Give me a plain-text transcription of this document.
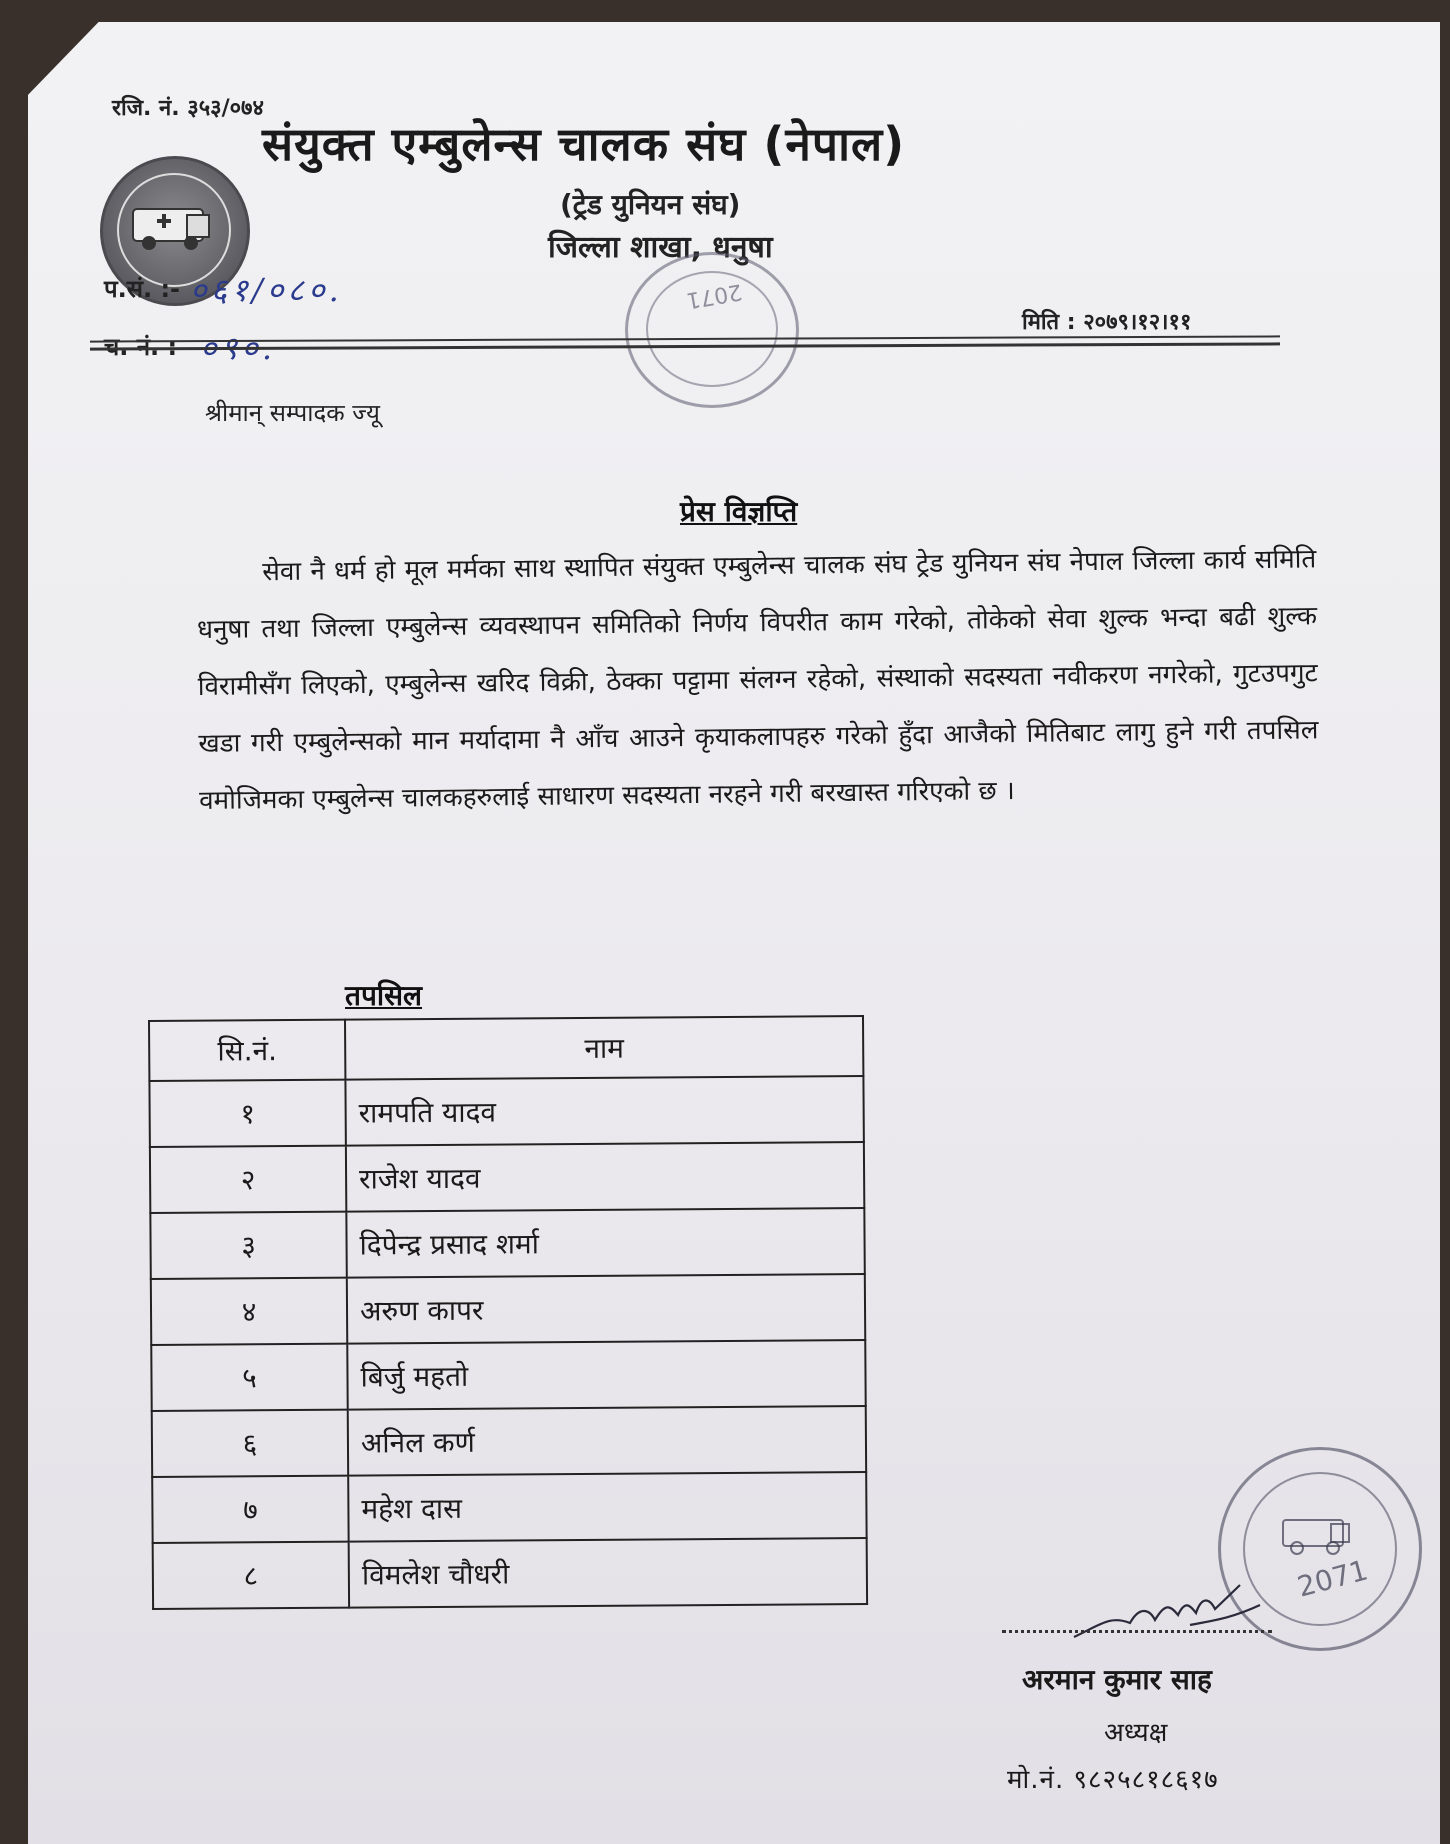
रजि. नं. ३५३/०७४
संयुक्त एम्बुलेन्स चालक संघ (नेपाल)
(ट्रेड युनियन संघ)
जिल्ला शाखा, धनुषा
प.सं. :- ०६१/०८०.
च. नं. : ०९०.
2071
मिति : २०७९।१२।११
श्रीमान् सम्पादक ज्यू
प्रेस विज्ञप्ति
सेवा नै धर्म हो मूल मर्मका साथ स्थापित संयुक्त एम्बुलेन्स चालक संघ ट्रेड युनियन संघ नेपाल जिल्ला कार्य समिति धनुषा तथा जिल्ला एम्बुलेन्स व्यवस्थापन समितिको निर्णय विपरीत काम गरेको, तोकेको सेवा शुल्क भन्दा बढी शुल्क विरामीसँग लिएको, एम्बुलेन्स खरिद विक्री, ठेक्का पट्टामा संलग्न रहेको, संस्थाको सदस्यता नवीकरण नगरेको, गुटउपगुट खडा गरी एम्बुलेन्सको मान मर्यादामा नै आँच आउने कृयाकलापहरु गरेको हुँदा आजैको मितिबाट लागु हुने गरी तपसिल वमोजिमका एम्बुलेन्स चालकहरुलाई साधारण सदस्यता नरहने गरी बरखास्त गरिएको छ ।
तपसिल
सि.नं.	नाम
१	रामपति यादव
२	राजेश यादव
३	दिपेन्द्र प्रसाद शर्मा
४	अरुण कापर
५	बिर्जु महतो
६	अनिल कर्ण
७	महेश दास
८	विमलेश चौधरी	2071
अरमान कुमार साह
अध्यक्ष
मो.नं. ९८२५८१८६१७
